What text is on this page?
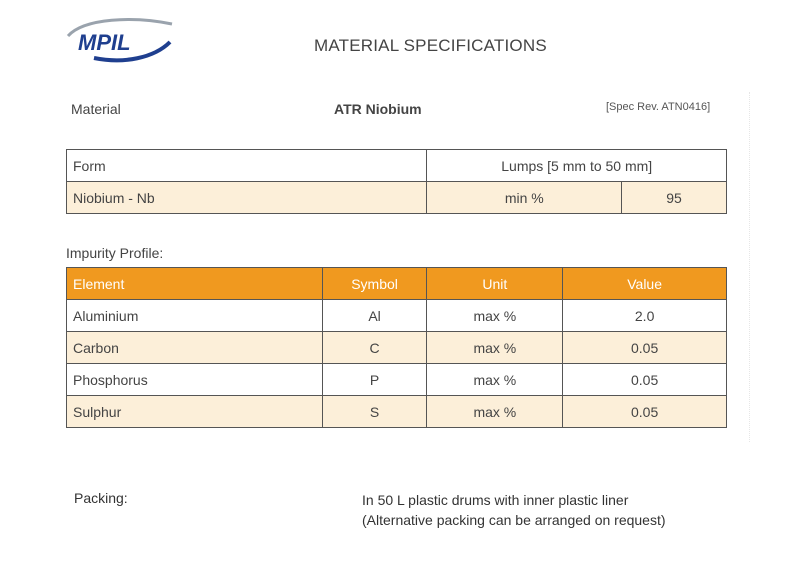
MPIL	MATERIAL SPECIFICATIONS
Material	ATR Niobium	[Spec Rev. ATN0416]
Form	Lumps [5 mm to 50 mm]	
Niobium - Nb	min %	95
Impurity Profile:
Element	Symbol	Unit	Value
Aluminium	Al	max %	2.0
Carbon	C	max %	0.05
Phosphorus	P	max %	0.05
Sulphur	S	max %	0.05
Packing:	In 50 L plastic drums with inner plastic liner
(Alternative packing can be arranged on request)
